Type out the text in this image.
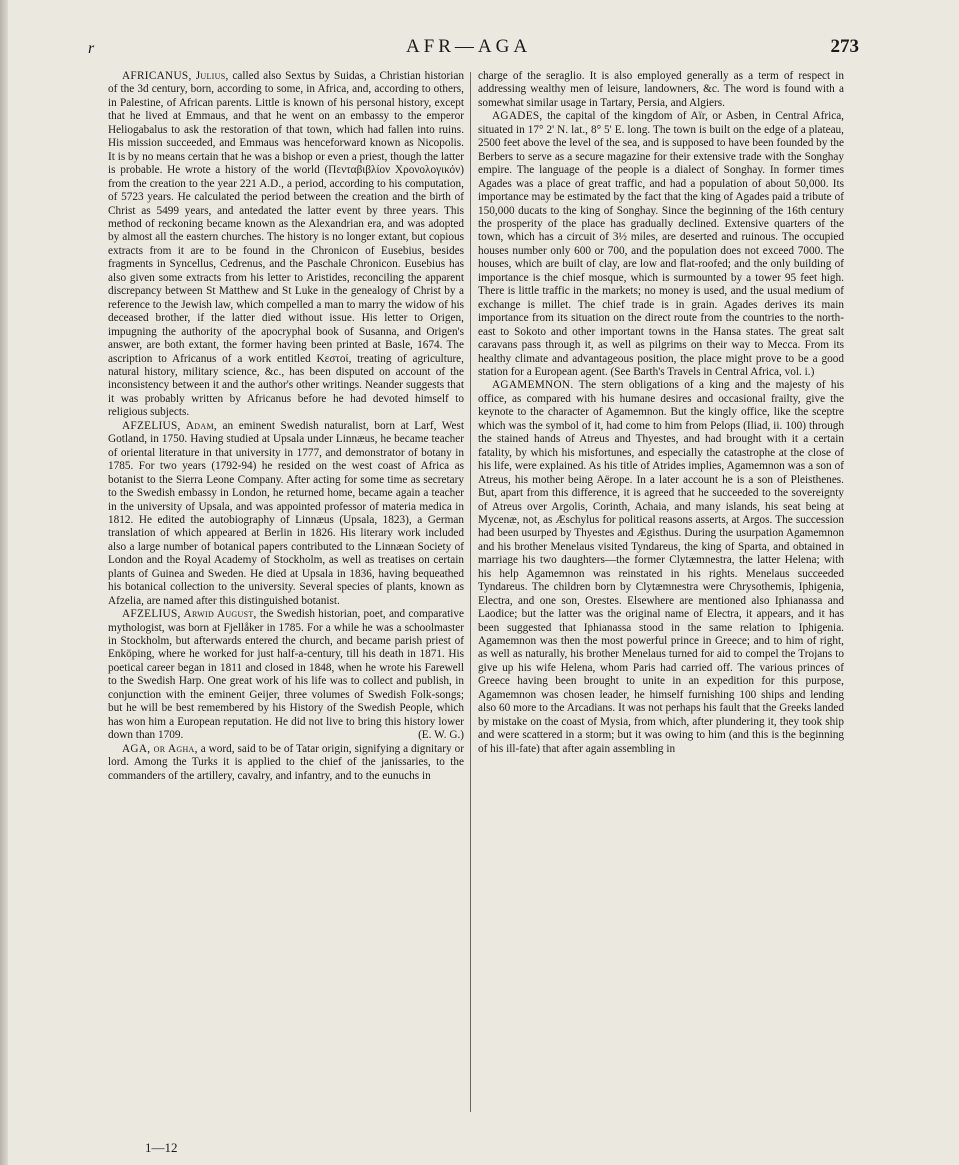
r	AFR—AGA	273

AFRICANUS, Julius, called also Sextus by Suidas, a Christian historian of the 3d century, born, according to some, in Africa, and, according to others, in Palestine, of African parents. Little is known of his personal history, except that he lived at Emmaus, and that he went on an embassy to the emperor Heliogabalus to ask the restoration of that town, which had fallen into ruins. His mission succeeded, and Emmaus was henceforward known as Nicopolis. It is by no means certain that he was a bishop or even a priest, though the latter is probable. He wrote a history of the world (Πενταβιβλίον Χρονολογικόν) from the creation to the year 221 A.D., a period, according to his computation, of 5723 years. He calculated the period between the creation and the birth of Christ as 5499 years, and antedated the latter event by three years. This method of reckoning became known as the Alexandrian era, and was adopted by almost all the eastern churches. The history is no longer extant, but copious extracts from it are to be found in the Chronicon of Eusebius, besides fragments in Syncellus, Cedrenus, and the Paschale Chronicon. Eusebius has also given some extracts from his letter to Aristides, reconciling the apparent discrepancy between St Matthew and St Luke in the genealogy of Christ by a reference to the Jewish law, which compelled a man to marry the widow of his deceased brother, if the latter died without issue. His letter to Origen, impugning the authority of the apocryphal book of Susanna, and Origen's answer, are both extant, the former having been printed at Basle, 1674. The ascription to Africanus of a work entitled Κεστοί, treating of agriculture, natural history, military science, &c., has been disputed on account of the inconsistency between it and the author's other writings. Neander suggests that it was probably written by Africanus before he had devoted himself to religious subjects.

AFZELIUS, Adam, an eminent Swedish naturalist, born at Larf, West Gotland, in 1750. Having studied at Upsala under Linnæus, he became teacher of oriental literature in that university in 1777, and demonstrator of botany in 1785. For two years (1792-94) he resided on the west coast of Africa as botanist to the Sierra Leone Company. After acting for some time as secretary to the Swedish embassy in London, he returned home, became again a teacher in the university of Upsala, and was appointed professor of materia medica in 1812. He edited the autobiography of Linnæus (Upsala, 1823), a German translation of which appeared at Berlin in 1826. His literary work included also a large number of botanical papers contributed to the Linnæan Society of London and the Royal Academy of Stockholm, as well as treatises on certain plants of Guinea and Sweden. He died at Upsala in 1836, having bequeathed his botanical collection to the university. Several species of plants, known as Afzelia, are named after this distinguished botanist.

AFZELIUS, Arwid August, the Swedish historian, poet, and comparative mythologist, was born at Fjellåker in 1785. For a while he was a schoolmaster in Stockholm, but afterwards entered the church, and became parish priest of Enköping, where he worked for just half-a-century, till his death in 1871. His poetical career began in 1811 and closed in 1848, when he wrote his Farewell to the Swedish Harp. One great work of his life was to collect and publish, in conjunction with the eminent Geijer, three volumes of Swedish Folk-songs; but he will be best remembered by his History of the Swedish People, which has won him a European reputation. He did not live to bring this history lower down than 1709.	(E. W. G.)

AGA, or Agha, a word, said to be of Tatar origin, signifying a dignitary or lord. Among the Turks it is applied to the chief of the janissaries, to the commanders of the artillery, cavalry, and infantry, and to the eunuchs in

charge of the seraglio. It is also employed generally as a term of respect in addressing wealthy men of leisure, landowners, &c. The word is found with a somewhat similar usage in Tartary, Persia, and Algiers.

AGADES, the capital of the kingdom of Aïr, or Asben, in Central Africa, situated in 17° 2' N. lat., 8° 5' E. long. The town is built on the edge of a plateau, 2500 feet above the level of the sea, and is supposed to have been founded by the Berbers to serve as a secure magazine for their extensive trade with the Songhay empire. The language of the people is a dialect of Songhay. In former times Agades was a place of great traffic, and had a population of about 50,000. Its importance may be estimated by the fact that the king of Agades paid a tribute of 150,000 ducats to the king of Songhay. Since the beginning of the 16th century the prosperity of the place has gradually declined. Extensive quarters of the town, which has a circuit of 3½ miles, are deserted and ruinous. The occupied houses number only 600 or 700, and the population does not exceed 7000. The houses, which are built of clay, are low and flat-roofed; and the only building of importance is the chief mosque, which is surmounted by a tower 95 feet high. There is little traffic in the markets; no money is used, and the usual medium of exchange is millet. The chief trade is in grain. Agades derives its main importance from its situation on the direct route from the countries to the north-east to Sokoto and other important towns in the Hansa states. The great salt caravans pass through it, as well as pilgrims on their way to Mecca. From its healthy climate and advantageous position, the place might prove to be a good station for a European agent. (See Barth's Travels in Central Africa, vol. i.)

AGAMEMNON. The stern obligations of a king and the majesty of his office, as compared with his humane desires and occasional frailty, give the keynote to the character of Agamemnon. But the kingly office, like the sceptre which was the symbol of it, had come to him from Pelops (Iliad, ii. 100) through the stained hands of Atreus and Thyestes, and had brought with it a certain fatality, by which his misfortunes, and especially the catastrophe at the close of his life, were explained. As his title of Atrides implies, Agamemnon was a son of Atreus, his mother being Aërope. In a later account he is a son of Pleisthenes. But, apart from this difference, it is agreed that he succeeded to the sovereignty of Atreus over Argolis, Corinth, Achaia, and many islands, his seat being at Mycenæ, not, as Æschylus for political reasons asserts, at Argos. The succession had been usurped by Thyestes and Ægisthus. During the usurpation Agamemnon and his brother Menelaus visited Tyndareus, the king of Sparta, and obtained in marriage his two daughters—the former Clytæmnestra, the latter Helena; with his help Agamemnon was reinstated in his rights. Menelaus succeeded Tyndareus. The children born by Clytæmnestra were Chrysothemis, Iphigenia, Electra, and one son, Orestes. Elsewhere are mentioned also Iphianassa and Laodice; but the latter was the original name of Electra, it appears, and it has been suggested that Iphianassa stood in the same relation to Iphigenia. Agamemnon was then the most powerful prince in Greece; and to him of right, as well as naturally, his brother Menelaus turned for aid to compel the Trojans to give up his wife Helena, whom Paris had carried off. The various princes of Greece having been brought to unite in an expedition for this purpose, Agamemnon was chosen leader, he himself furnishing 100 ships and lending also 60 more to the Arcadians. It was not perhaps his fault that the Greeks landed by mistake on the coast of Mysia, from which, after plundering it, they took ship and were scattered in a storm; but it was owing to him (and this is the beginning of his ill-fate) that after again assembling in

1—12
